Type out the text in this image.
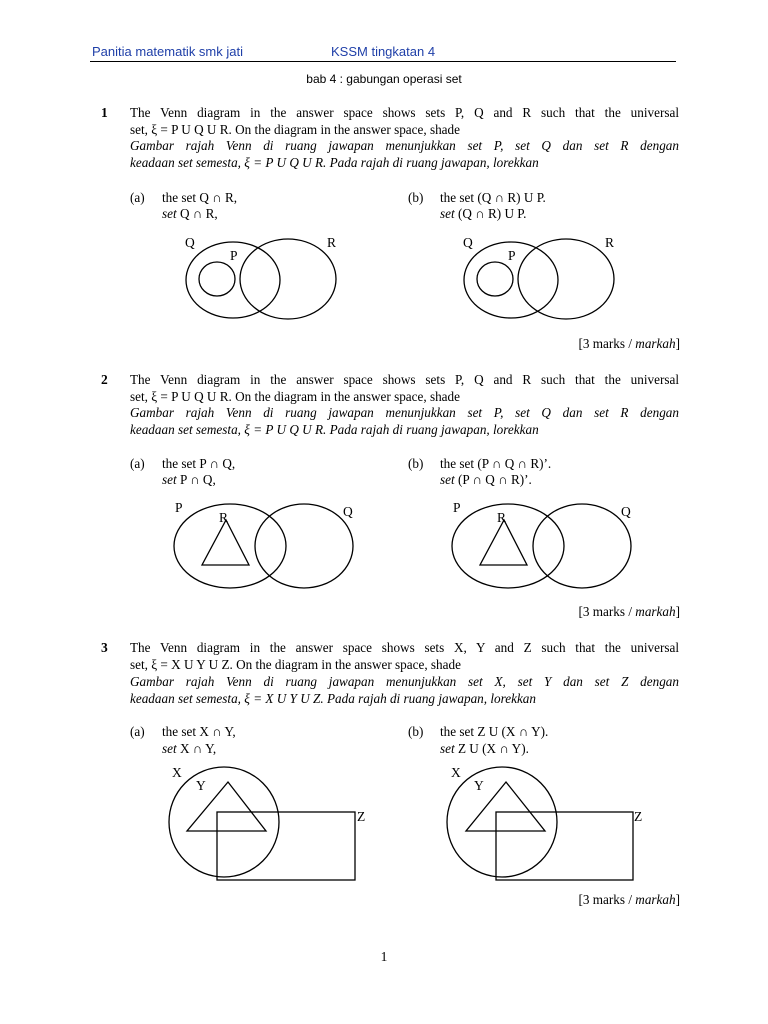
Panitia matematik smk jati	KSSM tingkatan 4
bab 4 : gabungan operasi set
1 The Venn diagram in the answer space shows sets P, Q and R such that the universal
set, ξ = P U Q U R. On the diagram in the answer space, shade
Gambar rajah Venn di ruang jawapan menunjukkan set P, set Q dan set R dengan
keadaan set semesta, ξ = P U Q U R. Pada rajah di ruang jawapan, lorekkan
(a) the set Q ∩ R,
set Q ∩ R,
(b) the set (Q ∩ R) U P.
set (Q ∩ R) U P.
Q	R
P
Q	R
P
[3 marks / markah]
2 The Venn diagram in the answer space shows sets P, Q and R such that the universal
set, ξ = P U Q U R. On the diagram in the answer space, shade
Gambar rajah Venn di ruang jawapan menunjukkan set P, set Q dan set R dengan
keadaan set semesta, ξ = P U Q U R. Pada rajah di ruang jawapan, lorekkan
(a) the set P ∩ Q,
set P ∩ Q,
(b) the set (P ∩ Q ∩ R)’.
set (P ∩ Q ∩ R)’.
P	Q
R
P	Q
R
[3 marks / markah]
3 The Venn diagram in the answer space shows sets X, Y and Z such that the universal
set, ξ = X U Y U Z. On the diagram in the answer space, shade
Gambar rajah Venn di ruang jawapan menunjukkan set X, set Y dan set Z dengan
keadaan set semesta, ξ = X U Y U Z. Pada rajah di ruang jawapan, lorekkan
(a) the set X ∩ Y,
set X ∩ Y,
(b) the set Z U (X ∩ Y).
set Z U (X ∩ Y).
X
Y
Z
X
Y
Z
[3 marks / markah]
1
